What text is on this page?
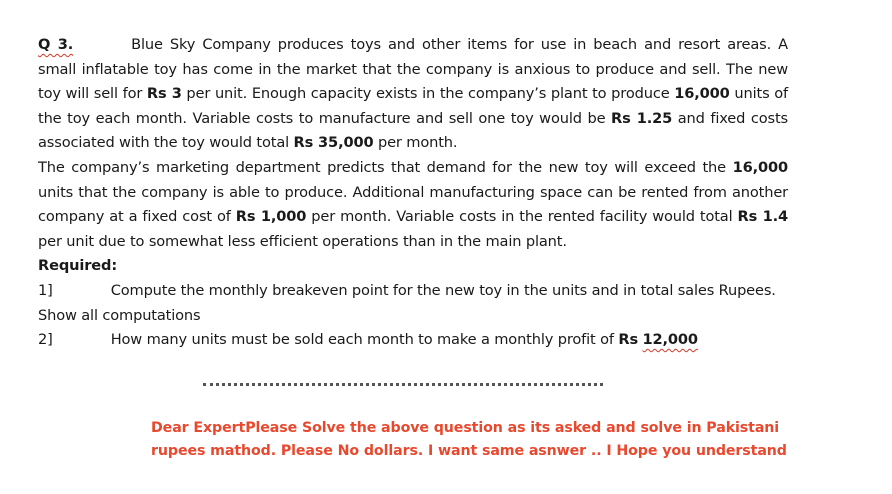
Q 3.	Blue Sky Company produces toys and other items for use in beach and resort areas. A small inflatable toy has come in the market that the company is anxious to produce and sell. The new toy will sell for Rs 3 per unit. Enough capacity exists in the company’s plant to produce 16,000 units of the toy each month. Variable costs to manufacture and sell one toy would be Rs 1.25 and fixed costs associated with the toy would total Rs 35,000 per month.

The company’s marketing department predicts that demand for the new toy will exceed the 16,000 units that the company is able to produce. Additional manufacturing space can be rented from another company at a fixed cost of Rs 1,000 per month. Variable costs in the rented facility would total Rs 1.4 per unit due to somewhat less efficient operations than in the main plant.

Required:

1]	Compute the monthly breakeven point for the new toy in the units and in total sales Rupees.

Show all computations

2]	How many units must be sold each month to make a monthly profit of Rs 12,000

Dear ExpertPlease Solve the above question as its asked and solve in Pakistani
rupees mathod. Please No dollars. I want same asnwer .. I Hope you understand
